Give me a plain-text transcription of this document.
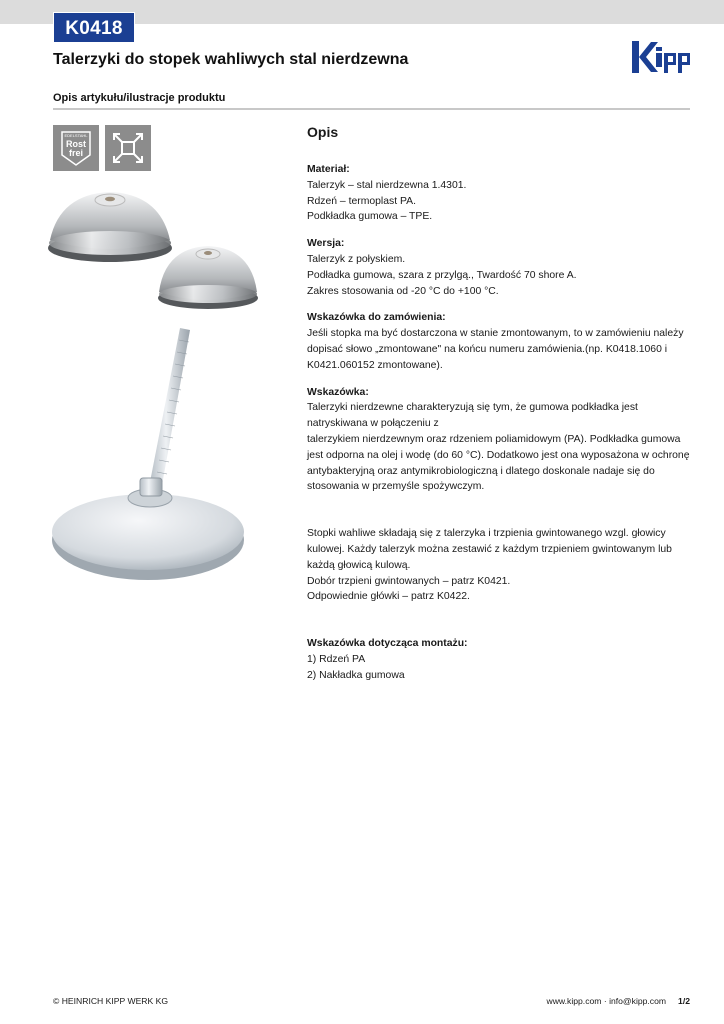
K0418
Talerzyki do stopek wahliwych stal nierdzewna
Opis artykułu/ilustracje produktu
EDELSTAHL
Rost
frei
Opis
Materiał:
Talerzyk – stal nierdzewna 1.4301.
Rdzeń – termoplast PA.
Podkładka gumowa – TPE.
Wersja:
Talerzyk z połyskiem.
Podładka gumowa, szara z przylgą., Twardość 70 shore A.
Zakres stosowania od -20 °C do +100 °C.
Wskazówka do zamówienia:
Jeśli stopka ma być dostarczona w stanie zmontowanym, to w zamówieniu należy
dopisać słowo „zmontowane" na końcu numeru zamówienia.(np. K0418.1060 i
K0421.060152 zmontowane).
Wskazówka:
Talerzyki nierdzewne charakteryzują się tym, że gumowa podkładka jest
natryskiwana w połączeniu z
talerzykiem nierdzewnym oraz rdzeniem poliamidowym (PA). Podkładka gumowa
jest odporna na olej i wodę (do 60 °C). Dodatkowo jest ona wyposażona w ochronę
antybakteryjną oraz antymikrobiologiczną i dlatego doskonale nadaje się do
stosowania w przemyśle spożywczym.
Stopki wahliwe składają się z talerzyka i trzpienia gwintowanego wzgl. głowicy
kulowej. Każdy talerzyk można zestawić z każdym trzpieniem gwintowanym lub
każdą głowicą kulową.
Dobór trzpieni gwintowanych – patrz K0421.
Odpowiednie główki – patrz K0422.
Wskazówka dotycząca montażu:
1) Rdzeń PA
2) Nakładka gumowa
© HEINRICH KIPP WERK KG	www.kipp.com · info@kipp.com 1/2
